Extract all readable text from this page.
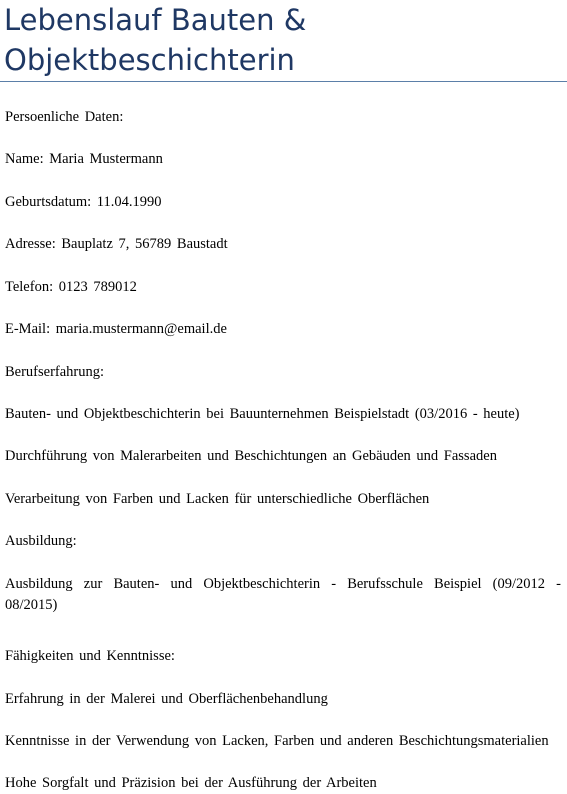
Lebenslauf Bauten & Objektbeschichterin

Persoenliche Daten:

Name: Maria Mustermann

Geburtsdatum: 11.04.1990

Adresse: Bauplatz 7, 56789 Baustadt

Telefon: 0123 789012

E-Mail: maria.mustermann@email.de

Berufserfahrung:

Bauten- und Objektbeschichterin bei Bauunternehmen Beispielstadt (03/2016 - heute)

Durchführung von Malerarbeiten und Beschichtungen an Gebäuden und Fassaden

Verarbeitung von Farben und Lacken für unterschiedliche Oberflächen

Ausbildung:

Ausbildung zur Bauten- und Objektbeschichterin - Berufsschule Beispiel (09/2012 - 08/2015)

Fähigkeiten und Kenntnisse:

Erfahrung in der Malerei und Oberflächenbehandlung

Kenntnisse in der Verwendung von Lacken, Farben und anderen Beschichtungsmaterialien

Hohe Sorgfalt und Präzision bei der Ausführung der Arbeiten
